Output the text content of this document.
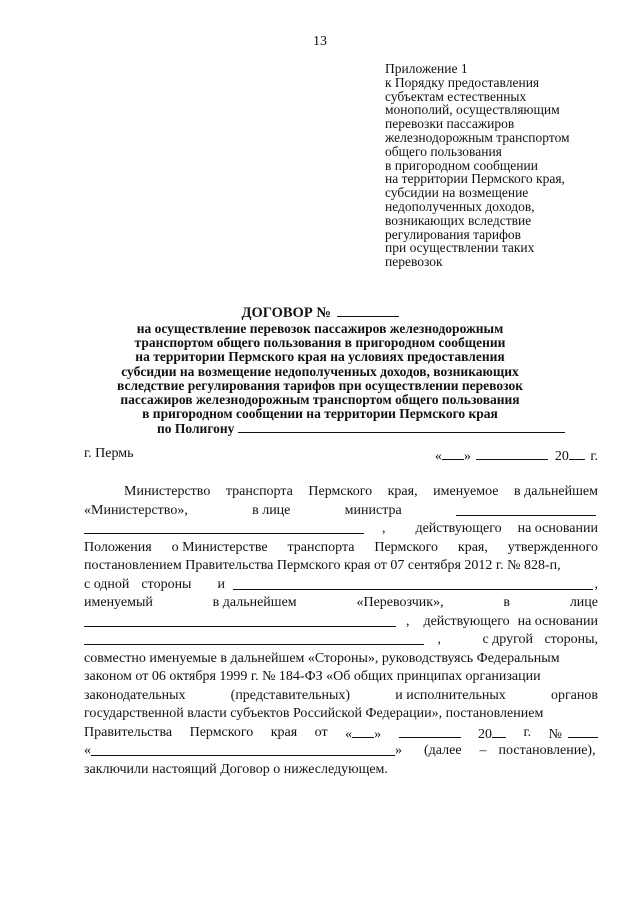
13
Приложение 1
к Порядку предоставления
субъектам естественных
монополий, осуществляющим
перевозки пассажиров
железнодорожным транспортом
общего пользования
в пригородном сообщении
на территории Пермского края,
субсидии на возмещение
недополученных доходов,
возникающих вследствие
регулирования тарифов
при осуществлении таких
перевозок
ДОГОВОР №
на осуществление перевозок пассажиров железнодорожным
транспортом общего пользования в пригородном сообщении
на территории Пермского края на условиях предоставления
субсидии на возмещение недополученных доходов, возникающих
вследствие регулирования тарифов при осуществлении перевозок
пассажиров железнодорожным транспортом общего пользования
в пригородном сообщении на территории Пермского края
по Полигону
г. Пермь	« »	20 г.
Министерство транспорта Пермского края, именуемое в дальнейшем
«Министерство»,	в лице	министра
, действующего на основании
Положения о Министерстве транспорта Пермского края, утвержденного
постановлением Правительства Пермского края от 07 сентября 2012 г. № 828-п,
с одной стороны и	,
именуемый	в дальнейшем	«Перевозчик»,	в	лице
, действующего на основании
,	с другой стороны,
совместно именуемые в дальнейшем «Стороны», руководствуясь Федеральным
законом от 06 октября 1999 г. № 184-ФЗ «Об общих принципах организации
законодательных	(представительных)	и исполнительных	органов
государственной власти субъектов Российской Федерации», постановлением
Правительства Пермского края от « »	20	г. №
«	» (далее – постановление),
заключили настоящий Договор о нижеследующем.
